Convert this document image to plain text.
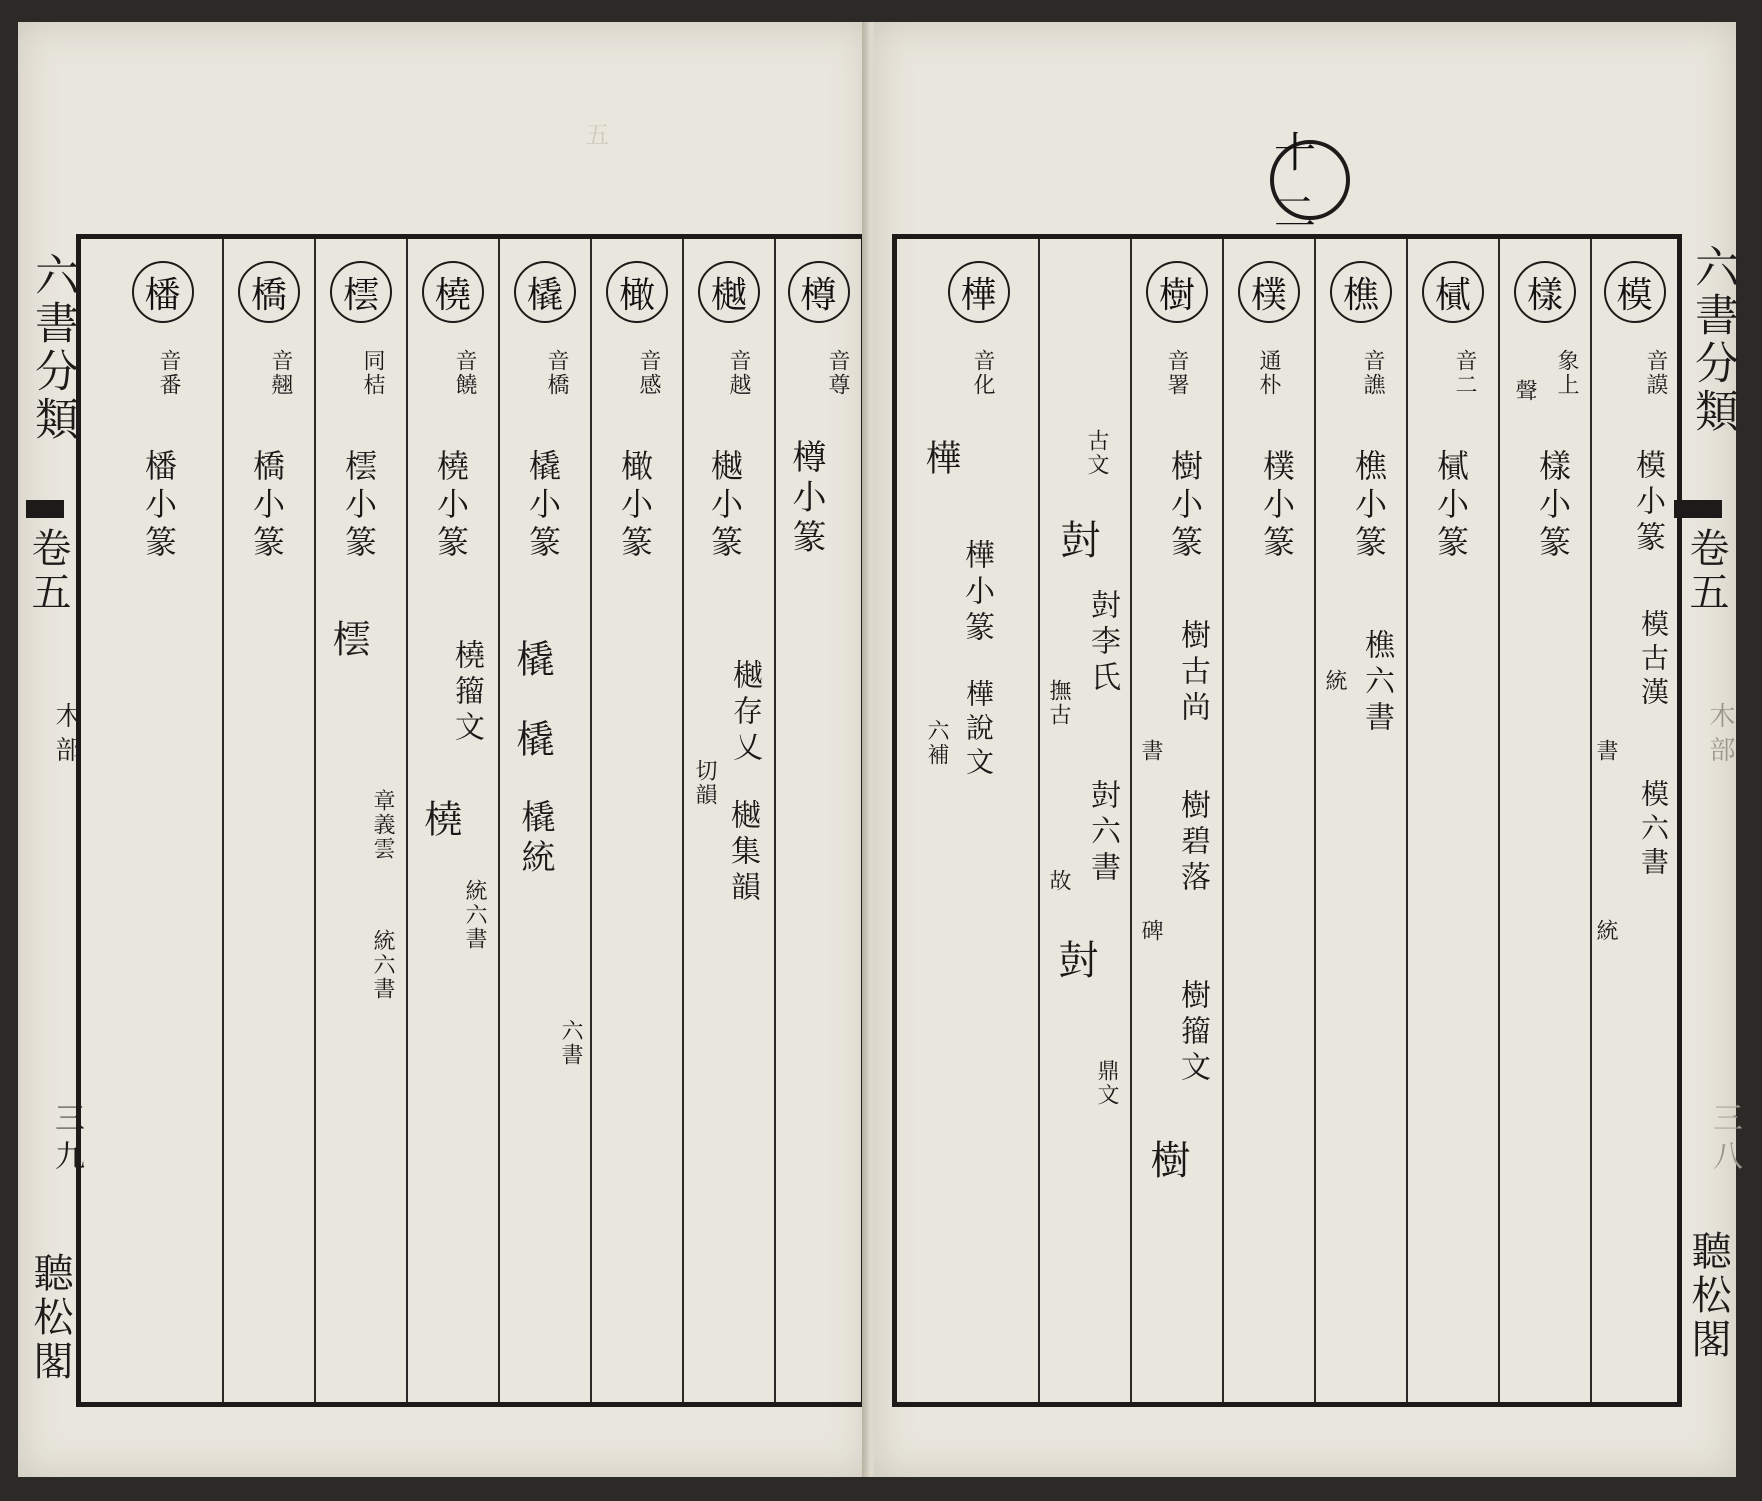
五
六書分類
卷五
木部
三九
聽松閣
樽
音尊
樽小篆
樾
音越
樾小篆
樾存乂
切韻
樾集韻
橄
音感
橄小篆
橇
音橋
橇小篆
橇
橇
橇統
六書
橈
音饒
橈小篆
橈籀文
橈
統六書
橒
同桔
橒小篆
橒
章義雲
統六書
橋
音翹
橋小篆
橎
音番
橎小篆
十二
六書分類
卷五
木部
三八
聽松閣
模
音謨
模小篆
模古漢
書
模六書
統
樣
象上
聲
樣小篆
樲
音二
樲小篆
樵
音譙
樵小篆
樵六書
統
樸
通朴
樸小篆
樹
音署
樹小篆
樹古尚
書
樹碧落
碑
樹籀文
樹
古文
尌
尌李氏
撫古
尌六書
故
尌
鼎文
樺
音化
樺
樺小篆
樺說文
六補
